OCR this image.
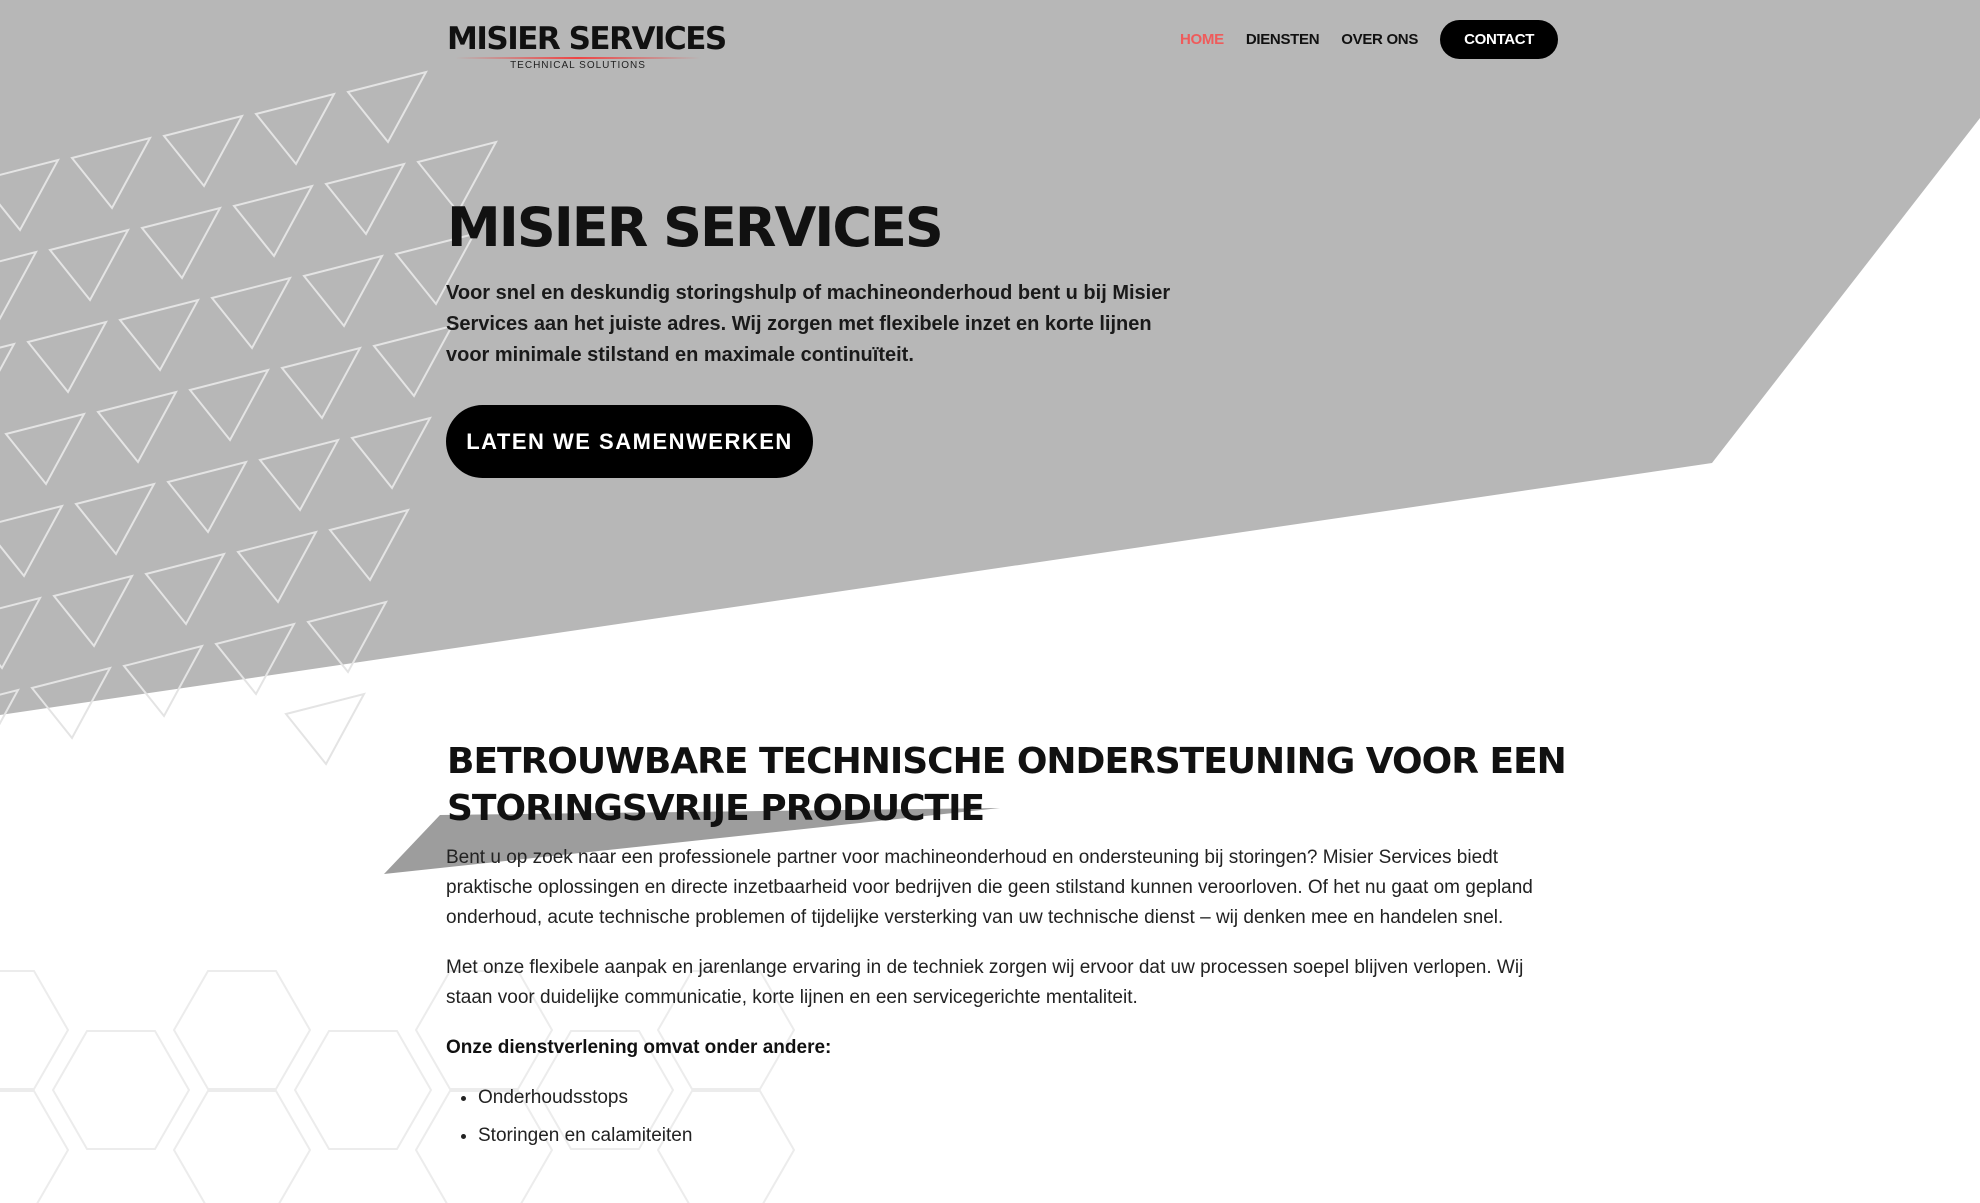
MISIER SERVICES
TECHNICAL SOLUTIONS
HOME DIENSTEN OVER ONS	CONTACT
MISIER SERVICES

Voor snel en deskundig storingshulp of machineonderhoud bent u bij Misier Services aan het juiste adres. Wij zorgen met flexibele inzet en korte lijnen voor minimale stilstand en maximale continuïteit.

LATEN WE SAMENWERKEN
BETROUWBARE TECHNISCHE ONDERSTEUNING VOOR EEN STORINGSVRIJE PRODUCTIE

Bent u op zoek naar een professionele partner voor machineonderhoud en ondersteuning bij storingen? Misier Services biedt praktische oplossingen en directe inzetbaarheid voor bedrijven die geen stilstand kunnen veroorloven. Of het nu gaat om gepland onderhoud, acute technische problemen of tijdelijke versterking van uw technische dienst – wij denken mee en handelen snel.

Met onze flexibele aanpak en jarenlange ervaring in de techniek zorgen wij ervoor dat uw processen soepel blijven verlopen. Wij staan voor duidelijke communicatie, korte lijnen en een servicegerichte mentaliteit.

Onze dienstverlening omvat onder andere:

• Onderhoudsstops
• Storingen en calamiteiten
